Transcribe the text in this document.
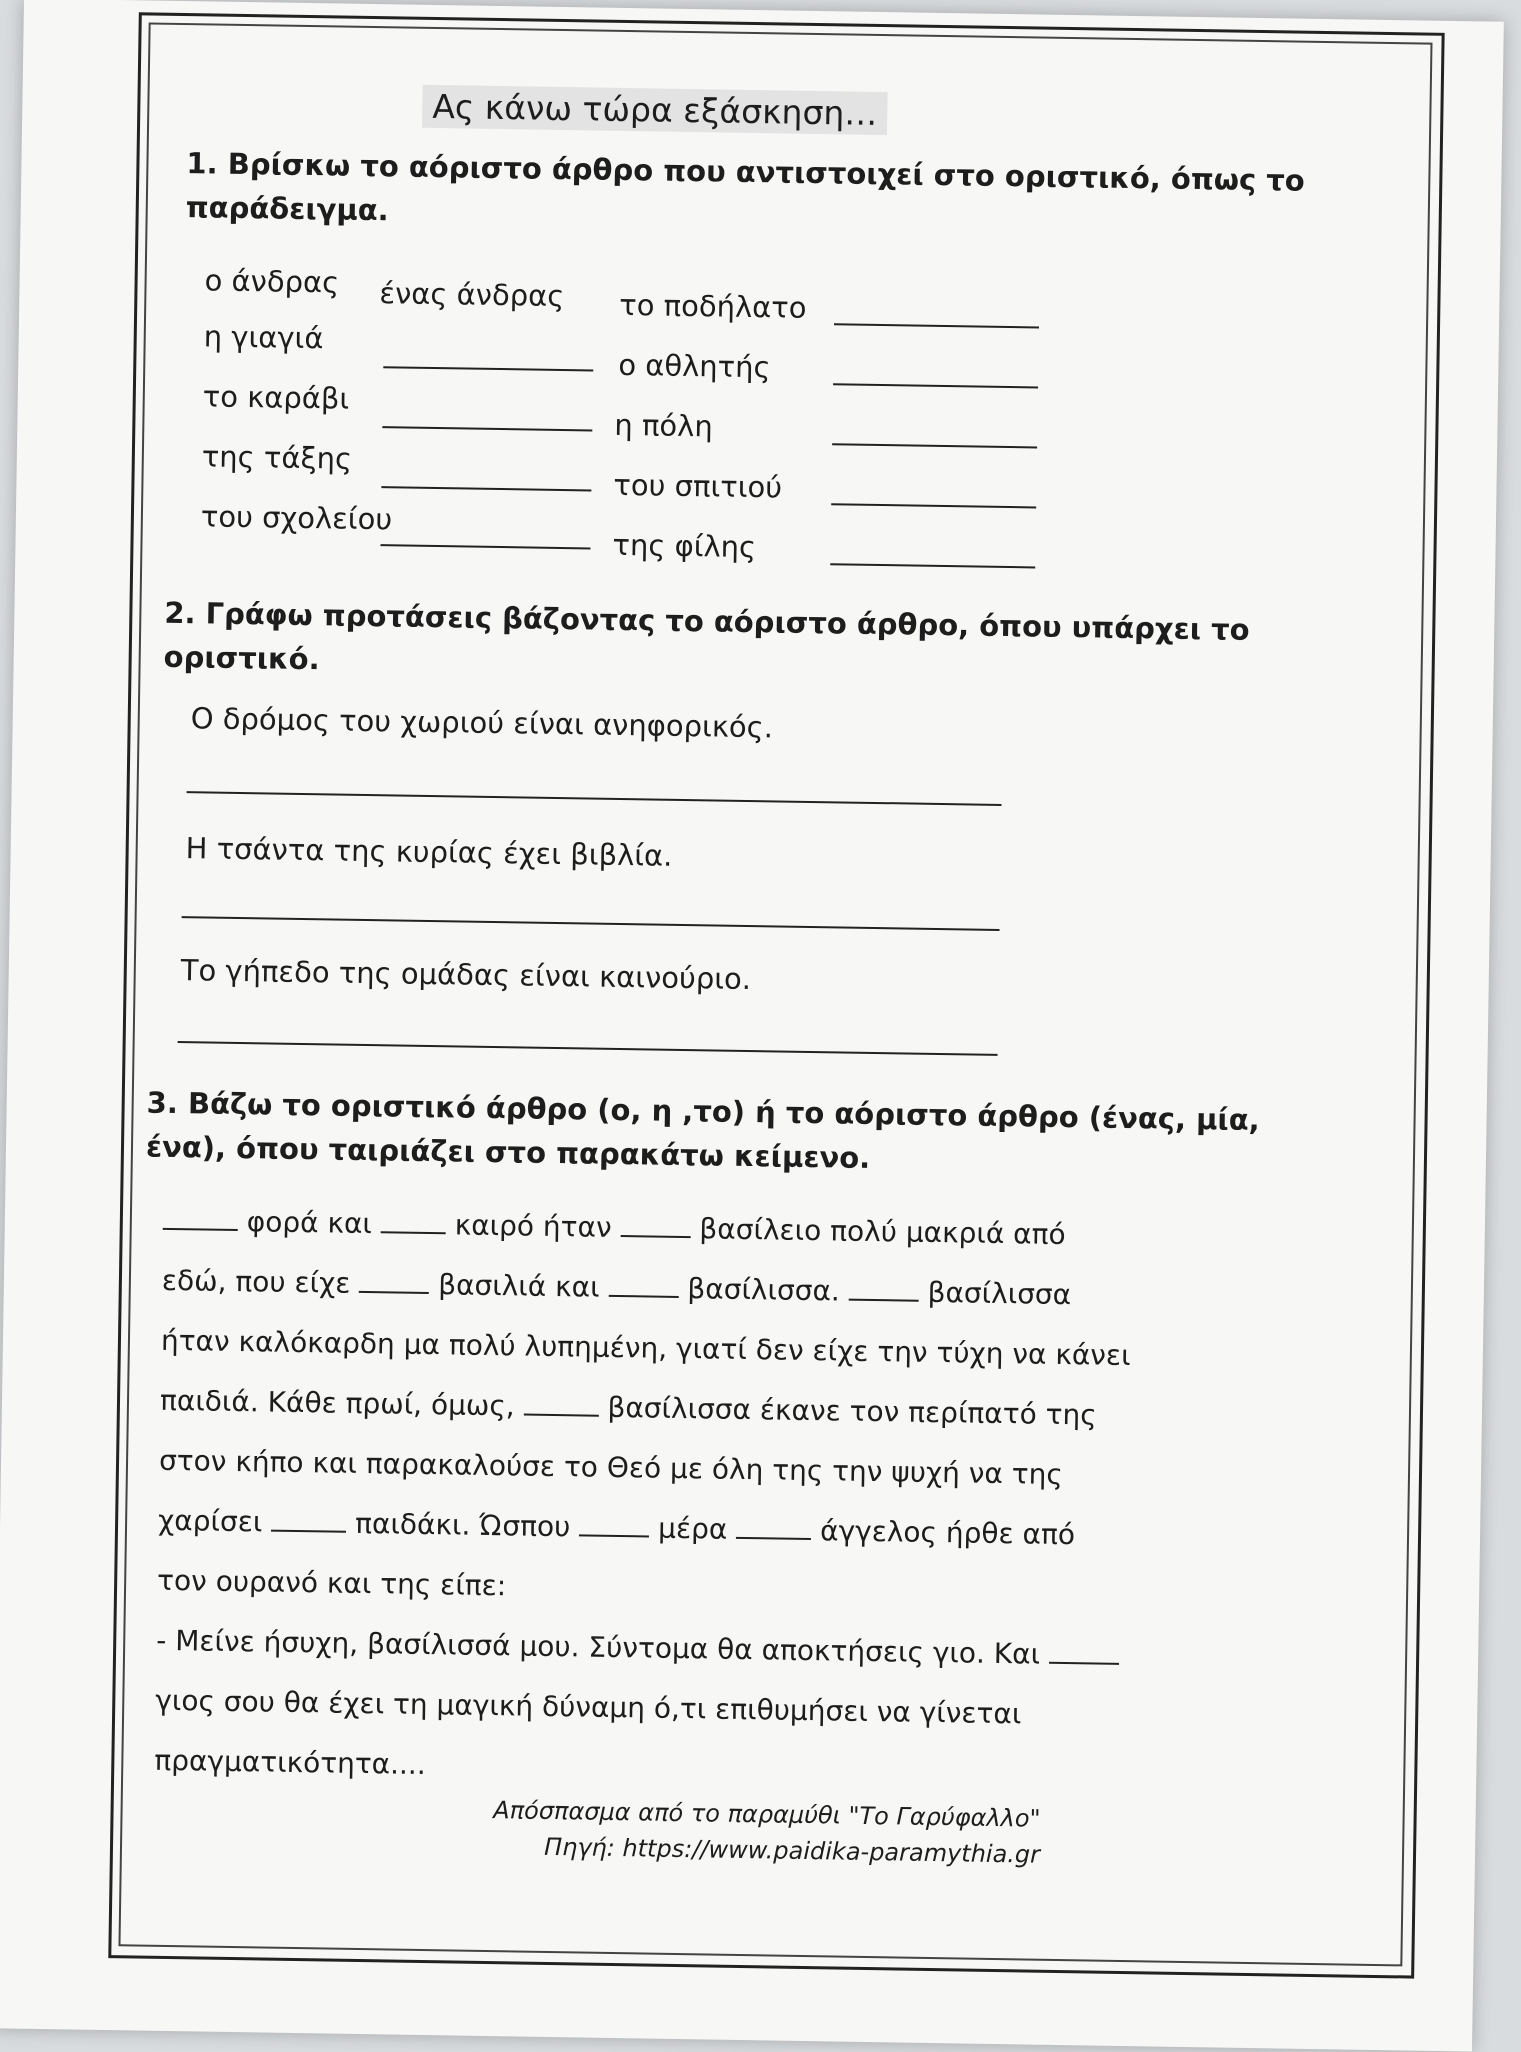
Ας κάνω τώρα εξάσκηση…
1. Βρίσκω το αόριστο άρθρο που αντιστοιχεί στο οριστικό, όπως το παράδειγμα.
ο άνδρας ένας άνδρας
η γιαγιά
το καράβι
της τάξης
του σχολείου
το ποδήλατο
ο αθλητής
η πόλη
του σπιτιού
της φίλης
2. Γράφω προτάσεις βάζοντας το αόριστο άρθρο, όπου υπάρχει το οριστικό.
Ο δρόμος του χωριού είναι ανηφορικός.
Η τσάντα της κυρίας έχει βιβλία.
Το γήπεδο της ομάδας είναι καινούριο.
3. Βάζω το οριστικό άρθρο (ο, η ,το) ή το αόριστο άρθρο (ένας, μία, ένα), όπου ταιριάζει στο παρακάτω κείμενο.
φορά και	καιρό ήταν	βασίλειο πολύ μακριά από
εδώ, που είχε	βασιλιά και	βασίλισσα.	βασίλισσα
ήταν καλόκαρδη μα πολύ λυπημένη, γιατί δεν είχε την τύχη να κάνει
παιδιά. Κάθε πρωί, όμως,	βασίλισσα έκανε τον περίπατό της
στον κήπο και παρακαλούσε το Θεό με όλη της την ψυχή να της
χαρίσει	παιδάκι. Ώσπου	μέρα	άγγελος ήρθε από
τον ουρανό και της είπε:
- Μείνε ήσυχη, βασίλισσά μου. Σύντομα θα αποκτήσεις γιο. Και
γιος σου θα έχει τη μαγική δύναμη ό,τι επιθυμήσει να γίνεται
πραγματικότητα....
Απόσπασμα από το παραμύθι "Το Γαρύφαλλο"
Πηγή: https://www.paidika-paramythia.gr
